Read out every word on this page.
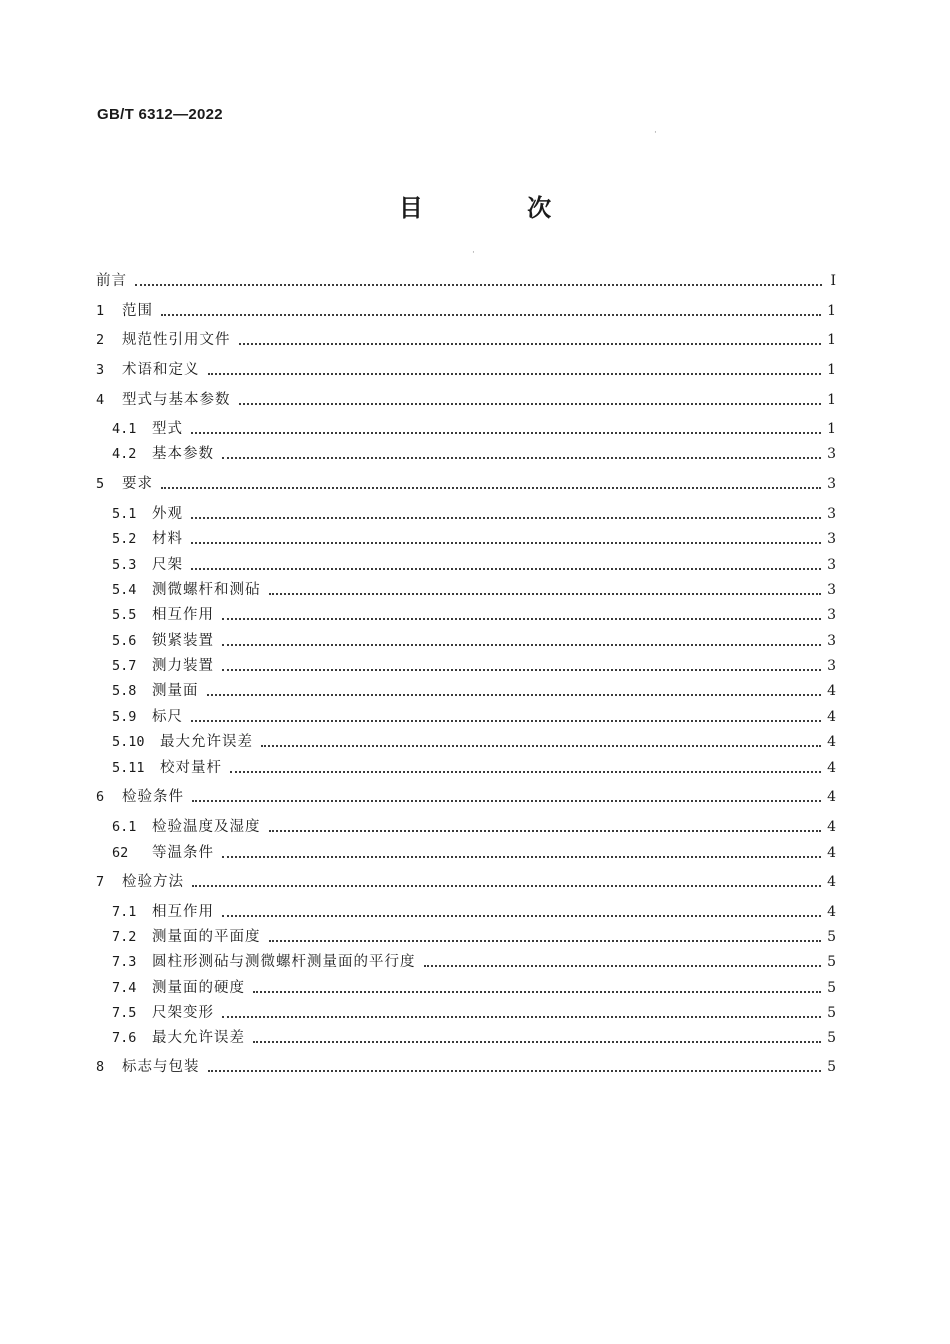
GB/T 6312—2022
目 次
·
·
前言	Ⅰ
1	范围	1
2	规范性引用文件	1
3	术语和定义	1
4	型式与基本参数	1
4.1	型式	1
4.2	基本参数	3
5	要求	3
5.1	外观	3
5.2	材料	3
5.3	尺架	3
5.4	测微螺杆和测砧	3
5.5	相互作用	3
5.6	锁紧装置	3
5.7	测力装置	3
5.8	测量面	4
5.9	标尺	4
5.10	最大允许误差	4
5.11	校对量杆	4
6	检验条件	4
6.1	检验温度及湿度	4
62	等温条件	4
7	检验方法	4
7.1	相互作用	4
7.2	测量面的平面度	5
7.3	圆柱形测砧与测微螺杆测量面的平行度	5
7.4	测量面的硬度	5
7.5	尺架变形	5
7.6	最大允许误差	5
8	标志与包装	5
